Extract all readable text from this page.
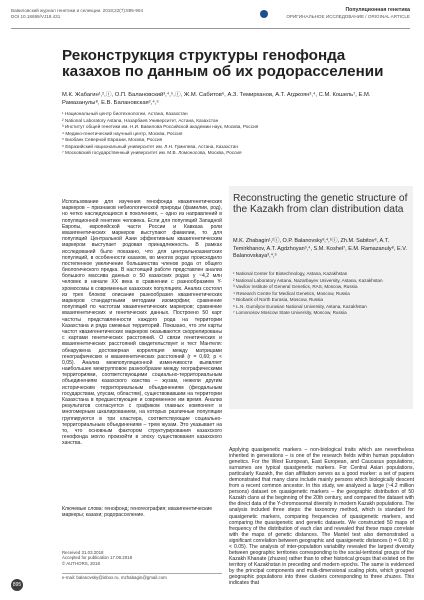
Вавиловский журнал генетики и селекции. 2018;22(7):895-904
DOI 10.18699/VJ18.431
Популяционная генетика
ОРИГИНАЛЬНОЕ ИССЛЕДОВАНИЕ / ORIGINAL ARTICLE
Реконструкция структуры генофонда казахов по данным об их родорасселении
М.К. Жабагин¹,²,ⓘ, О.П. Балановский³,⁴,⁵,ⓘ, Ж.М. Сабитов⁶, А.З. Темирханов, А.Т. Агджоян³,⁴, С.М. Кошель⁷, Е.М. Рамазанулы⁸, Е.В. Балановская³,⁴,⁵
¹ Национальный центр биотехнологии, Астана, Казахстан
² National Laboratory Astana, Назарбаев Университет, Астана, Казахстан
³ Институт общей генетики им. Н.И. Вавилова Российской академии наук, Москва, Россия
⁴ Медико-генетический научный центр, Москва, Россия
⁵ Биобанк Северной Евразии, Москва, Россия
⁶ Евразийский национальный университет им. Л.Н. Гумилева, Астана, Казахстан
⁷ Московский государственный университет им. М.В. Ломоносова, Москва, Россия
Использование для изучения генофонда квазигенетических маркеров – признаков небиологической природы (фамилии, род), но четко наследующихся в поколениях, – одно из направлений в популяционной генетике человека. Если для популяций Западной Европы, европейской части России и Кавказа роли квазигенетических маркеров выступают фамилии, то для популяций Центральной Азии эффективным квазигенетическим маркером выступает родовая принадлежность. В рамках исследований было показано, что для центральноазиатских популяций, в особенности казахов, во многих родах происходило постепенное увеличение большинства членов рода от общего биологического предка. В настоящей работе представлен анализ большого массива данных о 50 казахских родах у ~4,2 млн человек в начале XX века в сравнении с разнообразием Y-хромосомы в современных казахских популяциях. Анализ состоял из трех блоков: описание разнообразия квазигенетических маркеров стандартными методами изоморфии; сравнение популяций по частотам квазигенетических маркеров; сравнение квазигенетических и генетических данных. Построено 50 карт частоты представленности каждого рода на территории Казахстана и ряда смежных территорий. Показано, что эти карты частот квазигенетических маркеров оказываются скоррелированы с картами генетических расстояний. О связи генетических и квазигенетических расстояний свидетельствует и тест Мантеля: обнаружена достоверная корреляция между матрицами генографических и квазигенетических расстояний (r = 0,60; p < 0,05). Анализ межпопуляционной изменчивости выявляет наибольшее межгрупповое разнообразие между географическими территориями, соответствующими социально-территориальным объединениям казахского канства – жузам, нежели другим историческим территориальным объединениям (феодальным государствам, улусам, областям), существовавшим на территории Казахстана в предшествующее и современное им время. Анализ результатов согласуется с графиком главных компонент и многомерным шкалированием, на которых различные популяции группируются в три кластера, соответствующие социально-территориальным объединениям – трем жузам. Это указывает на то, что основным фактором структурирования казахского генофонда могло произойти в эпоху существования казахского ханства.
Ключевые слова: генофонд; геногеография; квазигенетические маркеры; казахи; родорасселение.
Received 31.03.2018
Accepted for publication 17.09.2018
© AUTHORS, 2018
e-mail: balanovsky@inbox.ru, mzhabagin@gmail.com
895
Reconstructing the genetic structure of the Kazakh from clan distribution data
M.K. Zhabagin¹,²ⓘ, O.P. Balanovsky³,⁴,⁵ⓘ, Zh.M. Sabitov⁶, A.T. Temirkhanov, A.T. Agdzhoyan³,⁴, S.M. Koshel⁷, E.M. Ramazanuly⁸, E.V. Balanovskaya³,⁴,⁵
¹ National Center for Biotechnology, Astana, Kazakhstan
² National Laboratory Astana, Nazarbayev University, Astana, Kazakhstan
³ Vavilov Institute of General Genetics, RAS, Moscow, Russia
⁴ Research Centre for Medical Genetics, Moscow, Russia
⁵ Biobank of North Eurasia, Moscow, Russia
⁶ L.N. Gumilyov Eurasian National University, Astana, Kazakhstan
⁷ Lomonosov Moscow State University, Moscow, Russia
Applying quasigenetic markers – non-biological traits which are nevertheless inherited in generations – is one of the research fields within human population genetics. For the West European, East European, and Caucasus populations, surnames are typical quasigenetic markers. For Central Asian populations, particularly Kazakh, the clan affiliation serves as a good marker: a set of papers demonstrated that many clans include mainly persons which biologically descent from a recent common ancestor. In this study, we analyzed a large (~4.2 million persons) dataset on quasigenetic markers – the geographic distribution of 50 Kazakh clans at the beginning of the 20th century, and compared the dataset with the direct data of the Y-chromosomal diversity in modern Kazakh populations. The analysis included three steps: the taxonomy method, which is standard for quasigenetic markers, comparing frequencies of quasigenetic markers, and comparing the quasigenetic and genetic datasets. We constructed 50 maps of frequency of the distribution of each clan and revealed that these maps correlate with the maps of genetic distances. The Mantel test also demonstrated a significant correlation between geographic and quasigenetic distances (r = 0.60; p < 0.05). The analysis of inter-population variability revealed the largest diversity between geographic territories corresponding to the social-territorial groups of the Kazakh Khanate (zhuzes) rather than to other historical groups that existed on the territory of Kazakhstan in preceding and modern epochs. The same is evidenced by the principal components and multi-dimensional scaling plots, which grouped geographic populations into three clusters corresponding to three zhuzes. This indicates that
